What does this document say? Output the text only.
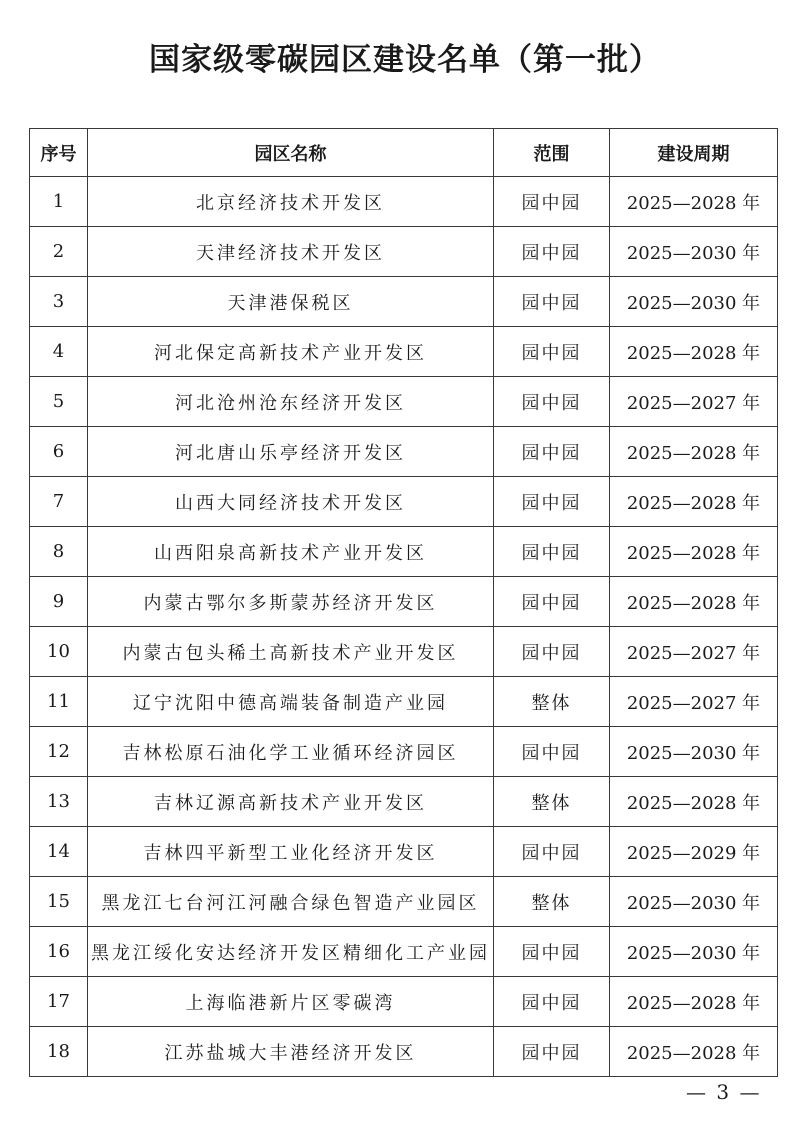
国家级零碳园区建设名单（第一批）
序号	园区名称	范围	建设周期
1	北京经济技术开发区	园中园	2025—2028 年
2	天津经济技术开发区	园中园	2025—2030 年
3	天津港保税区	园中园	2025—2030 年
4	河北保定高新技术产业开发区	园中园	2025—2028 年
5	河北沧州沧东经济开发区	园中园	2025—2027 年
6	河北唐山乐亭经济开发区	园中园	2025—2028 年
7	山西大同经济技术开发区	园中园	2025—2028 年
8	山西阳泉高新技术产业开发区	园中园	2025—2028 年
9	内蒙古鄂尔多斯蒙苏经济开发区	园中园	2025—2028 年
10	内蒙古包头稀土高新技术产业开发区	园中园	2025—2027 年
11	辽宁沈阳中德高端装备制造产业园	整体	2025—2027 年
12	吉林松原石油化学工业循环经济园区	园中园	2025—2030 年
13	吉林辽源高新技术产业开发区	整体	2025—2028 年
14	吉林四平新型工业化经济开发区	园中园	2025—2029 年
15	黑龙江七台河江河融合绿色智造产业园区	整体	2025—2030 年
16	黑龙江绥化安达经济开发区精细化工产业园	园中园	2025—2030 年
17	上海临港新片区零碳湾	园中园	2025—2028 年
18	江苏盐城大丰港经济开发区	园中园	2025—2028 年
— 3 —
